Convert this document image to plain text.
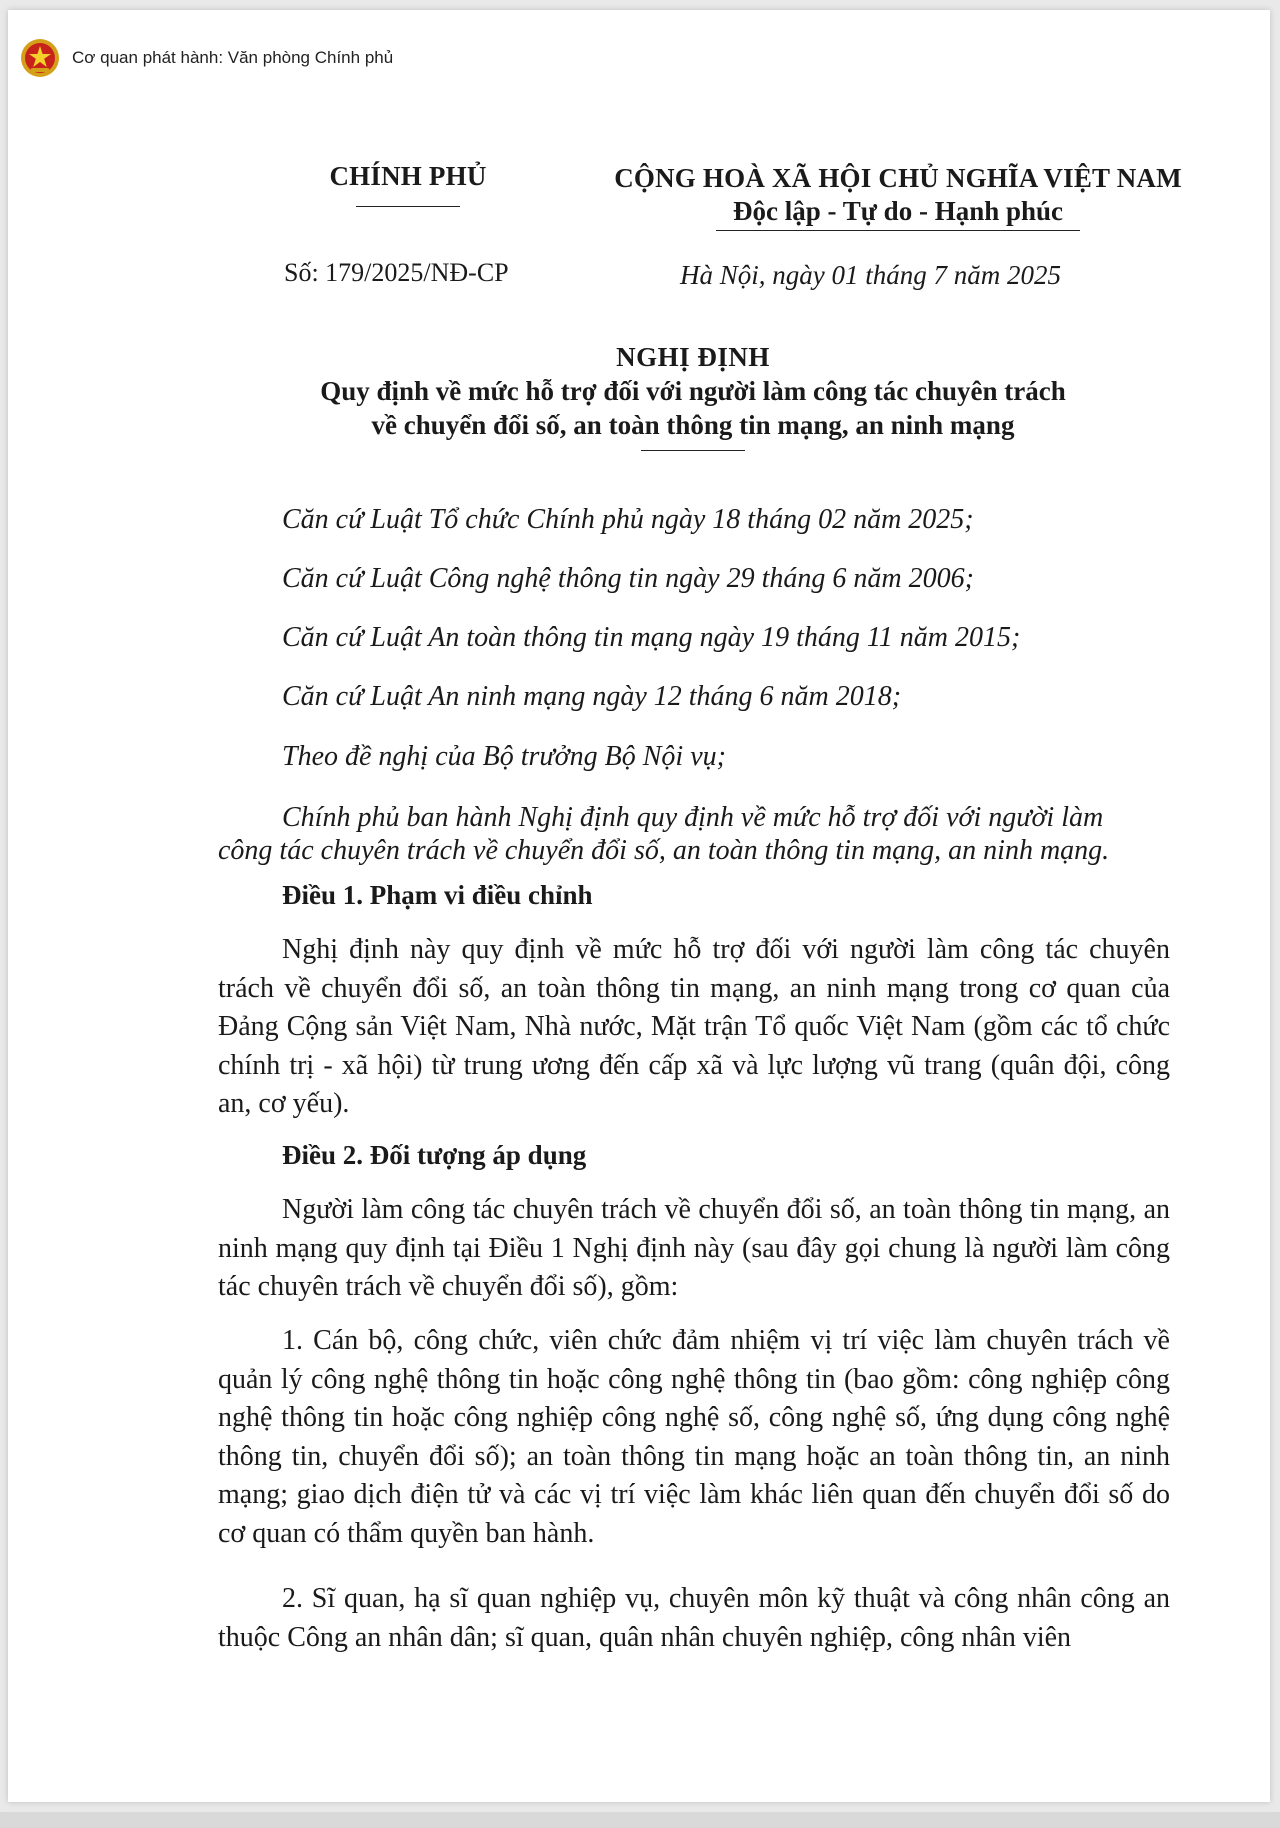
Cơ quan phát hành: Văn phòng Chính phủ
CHÍNH PHỦ	CỘNG HOÀ XÃ HỘI CHỦ NGHĨA VIỆT NAM
Độc lập - Tự do - Hạnh phúc
Số: 179/2025/NĐ-CP	Hà Nội, ngày 01 tháng 7 năm 2025
NGHỊ ĐỊNH
Quy định về mức hỗ trợ đối với người làm công tác chuyên trách
về chuyển đổi số, an toàn thông tin mạng, an ninh mạng
Căn cứ Luật Tổ chức Chính phủ ngày 18 tháng 02 năm 2025;
Căn cứ Luật Công nghệ thông tin ngày 29 tháng 6 năm 2006;
Căn cứ Luật An toàn thông tin mạng ngày 19 tháng 11 năm 2015;
Căn cứ Luật An ninh mạng ngày 12 tháng 6 năm 2018;
Theo đề nghị của Bộ trưởng Bộ Nội vụ;

Chính phủ ban hành Nghị định quy định về mức hỗ trợ đối với người làm công tác chuyên trách về chuyển đổi số, an toàn thông tin mạng, an ninh mạng.

Điều 1. Phạm vi điều chỉnh

Nghị định này quy định về mức hỗ trợ đối với người làm công tác chuyên trách về chuyển đổi số, an toàn thông tin mạng, an ninh mạng trong cơ quan của Đảng Cộng sản Việt Nam, Nhà nước, Mặt trận Tổ quốc Việt Nam (gồm các tổ chức chính trị - xã hội) từ trung ương đến cấp xã và lực lượng vũ trang (quân đội, công an, cơ yếu).

Điều 2. Đối tượng áp dụng

Người làm công tác chuyên trách về chuyển đổi số, an toàn thông tin mạng, an ninh mạng quy định tại Điều 1 Nghị định này (sau đây gọi chung là người làm công tác chuyên trách về chuyển đổi số), gồm:

1. Cán bộ, công chức, viên chức đảm nhiệm vị trí việc làm chuyên trách về quản lý công nghệ thông tin hoặc công nghệ thông tin (bao gồm: công nghiệp công nghệ thông tin hoặc công nghiệp công nghệ số, công nghệ số, ứng dụng công nghệ thông tin, chuyển đổi số); an toàn thông tin mạng hoặc an toàn thông tin, an ninh mạng; giao dịch điện tử và các vị trí việc làm khác liên quan đến chuyển đổi số do cơ quan có thẩm quyền ban hành.

2. Sĩ quan, hạ sĩ quan nghiệp vụ, chuyên môn kỹ thuật và công nhân công an thuộc Công an nhân dân; sĩ quan, quân nhân chuyên nghiệp, công nhân viên
